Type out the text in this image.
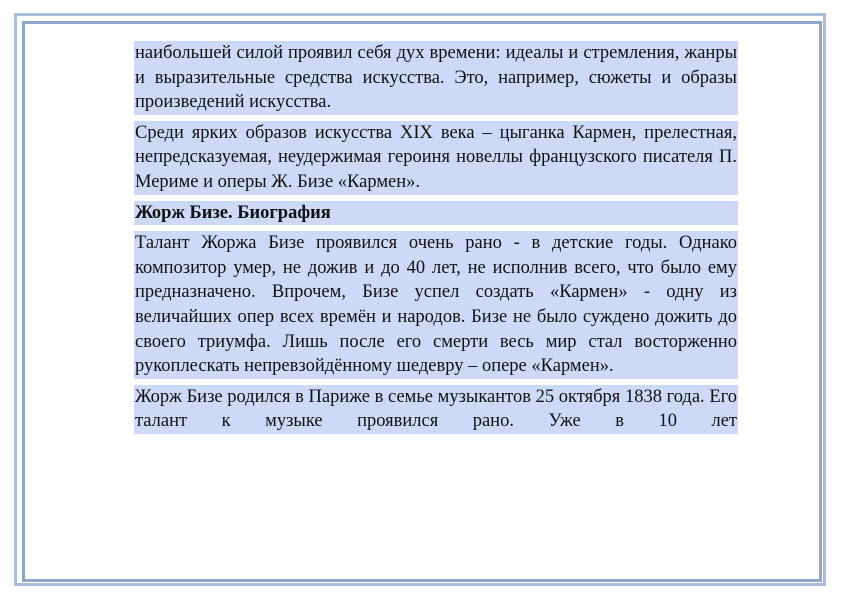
наибольшей силой проявил себя дух времени: идеалы и стремления, жанры и выразительные средства искусства. Это, например, сюжеты и образы произведений искусства.

Среди ярких образов искусства XIX века – цыганка Кармен, прелестная, непредсказуемая, неудержимая героиня новеллы французского писателя П. Мериме и оперы Ж. Бизе «Кармен».

Жорж Бизе. Биография

Талант Жоржа Бизе проявился очень рано - в детские годы. Однако композитор умер, не дожив и до 40 лет, не исполнив всего, что было ему предназначено. Впрочем, Бизе успел создать «Кармен» - одну из величайших опер всех времён и народов. Бизе не было суждено дожить до своего триумфа. Лишь после его смерти весь мир стал восторженно рукоплескать непревзойдённому шедевру – опере «Кармен».

Жорж Бизе родился в Париже в семье музыкантов 25 октября 1838 года. Его талант к музыке проявился рано. Уже в 10 лет
